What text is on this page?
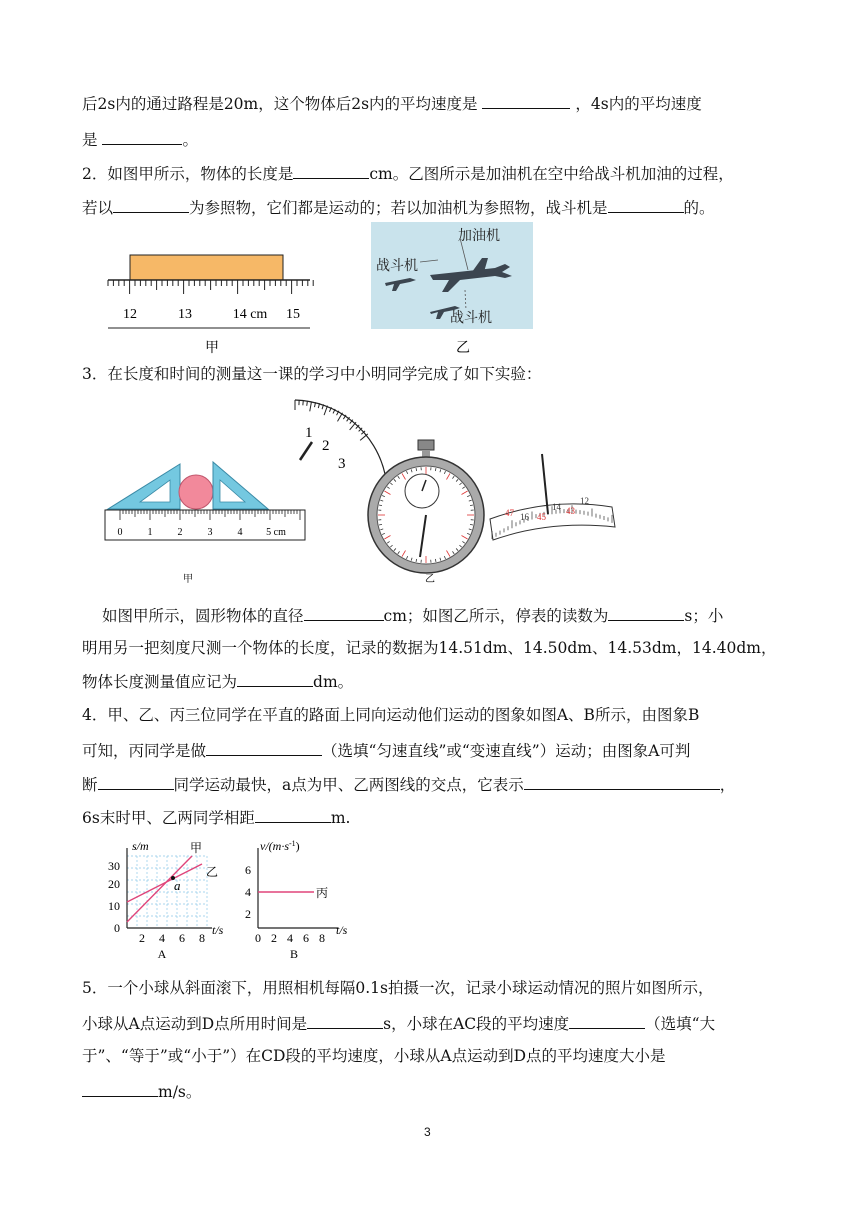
后2s内的通过路程是20m，这个物体后2s内的平均速度是	，4s内的平均速度
是	。
2．如图甲所示，物体的长度是	cm。乙图所示是加油机在空中给战斗机加油的过程，
若以	为参照物，它们都是运动的；若以加油机为参照物，战斗机是	的。
12	13	14 cm 15
甲
加油机
战斗机
战斗机
乙
3．在长度和时间的测量这一课的学习中小明同学完成了如下实验：
0	1	2	3	4 5 cm
甲
1
2
3
乙
47 16 45
14 43
12
如图甲所示，圆形物体的直径	cm；如图乙所示，停表的读数为	s；小
明用另一把刻度尺测一个物体的长度，记录的数据为14.51dm、14.50dm、14.53dm，14.40dm，
物体长度测量值应记为	dm。
4．甲、乙、丙三位同学在平直的路面上同向运动他们运动的图象如图A、B所示，由图象B
可知，丙同学是做	（选填“匀速直线”或“变速直线”）运动；由图象A可判
断	同学运动最快，a点为甲、乙两图线的交点，它表示	，
6s末时甲、乙两同学相距	m.
s/m
t/s
30
20
10
0
2 4 6 8
a
甲
乙
A
$v/(m\cdot s^{-1})$
t/s
6
4
2
0 2 4 6 8
丙
B
5．一个小球从斜面滚下，用照相机每隔0.1s拍摄一次，记录小球运动情况的照片如图所示，
小球从A点运动到D点所用时间是	s，小球在AC段的平均速度	（选填“大
于”、“等于”或“小于”）在CD段的平均速度，小球从A点运动到D点的平均速度大小是
m/s。
3
